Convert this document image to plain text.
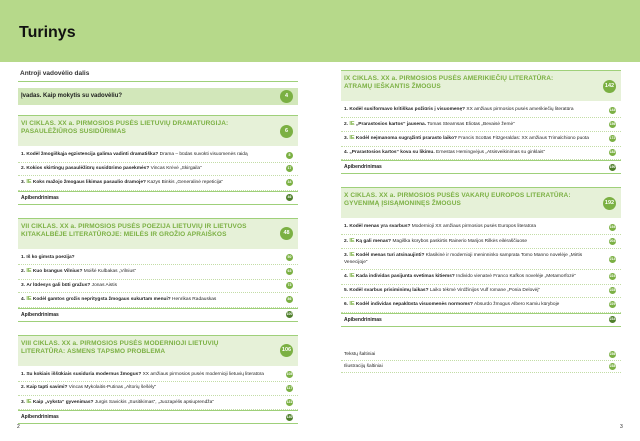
Turinys
Antroji vadovėlio dalis
Įvadas. Kaip mokytis su vadovėliu?	4
VI CIKLAS. XX a. PIRMOSIOS PUSĖS LIETUVIŲ DRAMATURGIJA: PASAULĖŽIŪROS SUSIDŪRIMAS	6
1. Kodėl žmogiškąja egzistencija galima vadinti dramatiška? Drama – būdas suvokti visuomenės raidą	8
2. Kokios skirtingų pasaulėžiūrų susidūrimo pasekmės? Vincas Krėvė „Skirgaila“	17
3. IE Koks mažojo žmogaus likimas pasaulio dramoje? Kazys Binkis „Generalinė repeticija“	34
Apibendrinimas	46
VII CIKLAS. XX a. PIRMOSIOS PUSĖS POEZIJA LIETUVIŲ IR LIETUVOS KITAKALBĖJE LITERATŪROJE: MEILĖS IR GROŽIO APRAIŠKOS	48
1. Iš ko gimsta poezija?	50
2. IE Kuo brangus Vilnius? Moišė Kulbakas „Vilnius“	63
3. Ar lūdesys gali būti gražus? Jonas Aistis	73
4. IE Kodėl gamtos grožis nepritygsta žmogaus sukurtam menui? Henrikas Radauskas	86
Apibendrinimas	100
VIII CIKLAS. XX a. PIRMOSIOS PUSĖS MODERNIOJI LIETUVIŲ LITERATŪRA: ASMENS TAPSMO PROBLEMA	106
1. Su kokiais iššūkiais susiduria modernus žmogus? XX amžiaus pirmosios pusės modernioji lietuvių literatūra	108
2. Kaip tapti savimi? Vincas Mykolaitis-Putinas „Altorių šešėly“	117
3. IE Kaip „vykstа“ gyvenimas? Jurgis Savickis „Susitikimas“, „Juozapėlis apsiuprendža“	131
Apibendrinimas	140
IX CIKLAS. XX a. PIRMOSIOS PUSĖS AMERIKIEČIŲ LITERATŪRA: ATRAMŲ IEŠKANTIS ŽMOGUS	142
1. Kodėl susiformavo kritiškas požiūris į visuomenę? XX amžiaus pirmosios pusės amerikiečių literatūra	144
2. IE „Prarastosios kartos“ jausena. Tomas Stearnsas Eliotas „Bevaisė žemė“	156
3. IE Kodėl neįmanoma sugrąžinti prarasto laiko? Francis Scottas Fitzgeraldas: XX amžiaus Trimalchiono puota	172
4. „Prarastosios kartos“ kova su likimu. Ernestas Hemingvėjus „Atsisveikinimas su ginklais“	182
Apibendrinimas	190
X CIKLAS. XX a. PIRMOSIOS PUSĖS VAKARŲ EUROPOS LITERATŪRA: GYVENIMĄ ĮSISĄMONINĘS ŽMOGUS	192
1. Kodėl menas yra svarbus? Modernioji XX amžiaus pirmosios pusės Europos literatūra	194
2. IE Ką gali menas? Magiška kūrybos paskirtis Rainerio Marijos Rilkės eilėraščiuose	204
3. IE Kodėl menas turi atsinaujinti? Klasikinė ir modernioji meninninko samprata Tomo Manno novelėje „Mirtis Venecijoje“
214
4. IE Kada individas pasijunta svetimas kitiems? Individo vienatvė Franco Kafkos novelėje „Metamorfozė“	224
5. Kodėl svarbus prisiminimų laikas? Laiko tėkmė Virdžinijos Vulf romane „Ponia Delovėj“	228
6. IE Kodėl individas nepaklūsta visuomenės normoms? Absurdo žmogus Albero Kamiu kūryboje	229
Apibendrinimas	234
Tekstų šaltiniai	236
Iliustracijų šaltiniai	238
2	3
